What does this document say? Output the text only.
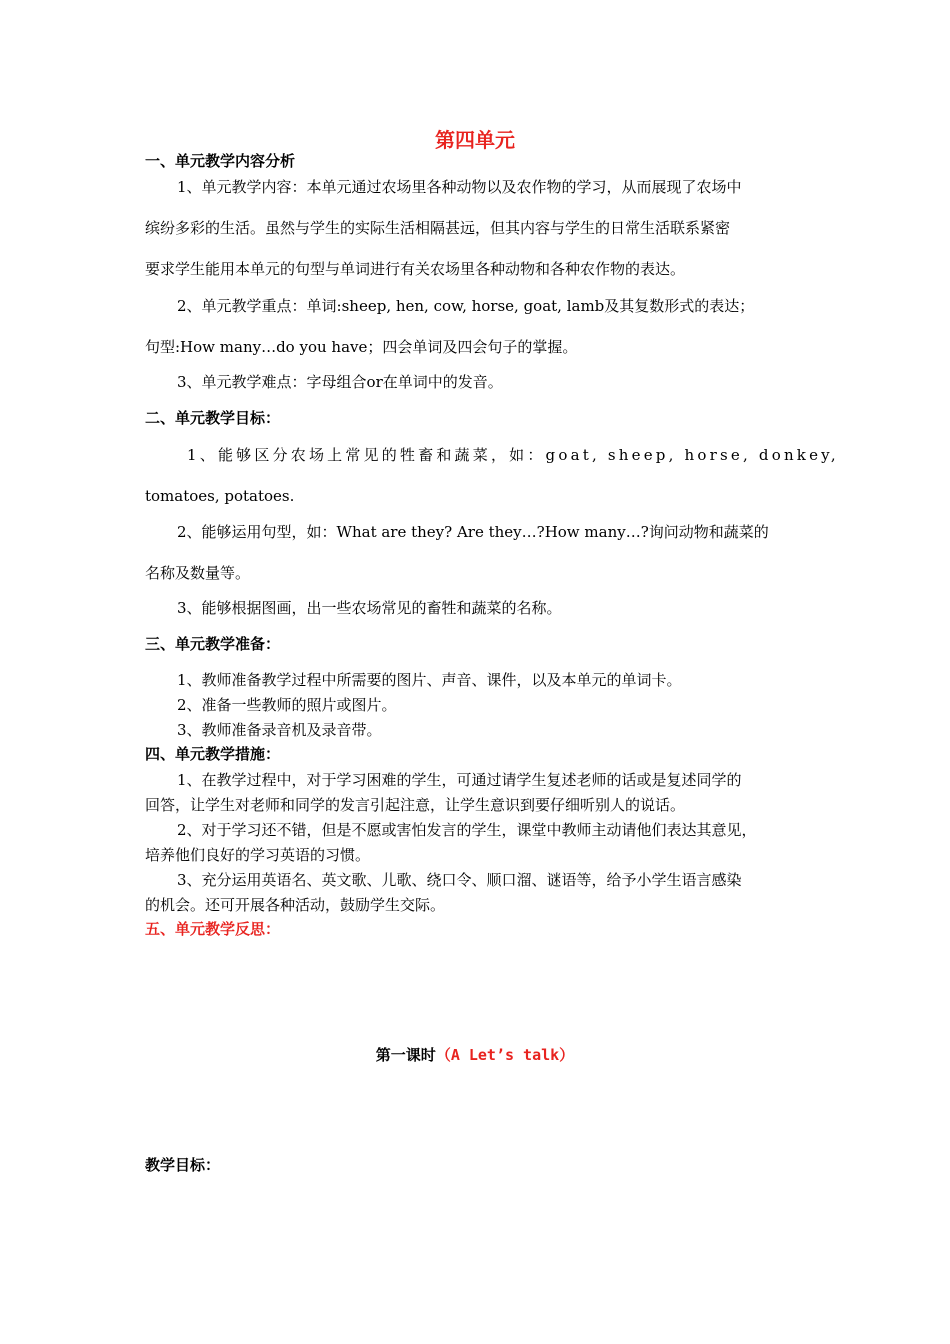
第四单元
一、单元教学内容分析
1、单元教学内容：本单元通过农场里各种动物以及农作物的学习，从而展现了农场中
缤纷多彩的生活。虽然与学生的实际生活相隔甚远，但其内容与学生的日常生活联系紧密
要求学生能用本单元的句型与单词进行有关农场里各种动物和各种农作物的表达。
2、单元教学重点：单词:sheep, hen, cow, horse, goat, lamb及其复数形式的表达；
句型:How many…do you have；四会单词及四会句子的掌握。
3、单元教学难点：字母组合or在单词中的发音。
二、单元教学目标：
1、能够区分农场上常见的牲畜和蔬菜，如：goat, sheep, horse, donkey,
tomatoes, potatoes.
2、能够运用句型，如：What are they? Are they…?How many…?询问动物和蔬菜的
名称及数量等。
3、能够根据图画，出一些农场常见的畜牲和蔬菜的名称。
三、单元教学准备：
1、教师准备教学过程中所需要的图片、声音、课件，以及本单元的单词卡。
2、准备一些教师的照片或图片。
3、教师准备录音机及录音带。
四、单元教学措施：
1、在教学过程中，对于学习困难的学生，可通过请学生复述老师的话或是复述同学的
回答，让学生对老师和同学的发言引起注意，让学生意识到要仔细听别人的说话。
2、对于学习还不错，但是不愿或害怕发言的学生，课堂中教师主动请他们表达其意见，
培养他们良好的学习英语的习惯。
3、充分运用英语名、英文歌、儿歌、绕口令、顺口溜、谜语等，给予小学生语言感染
的机会。还可开展各种活动，鼓励学生交际。
五、单元教学反思：
第一课时（A Let’s talk）
教学目标：
